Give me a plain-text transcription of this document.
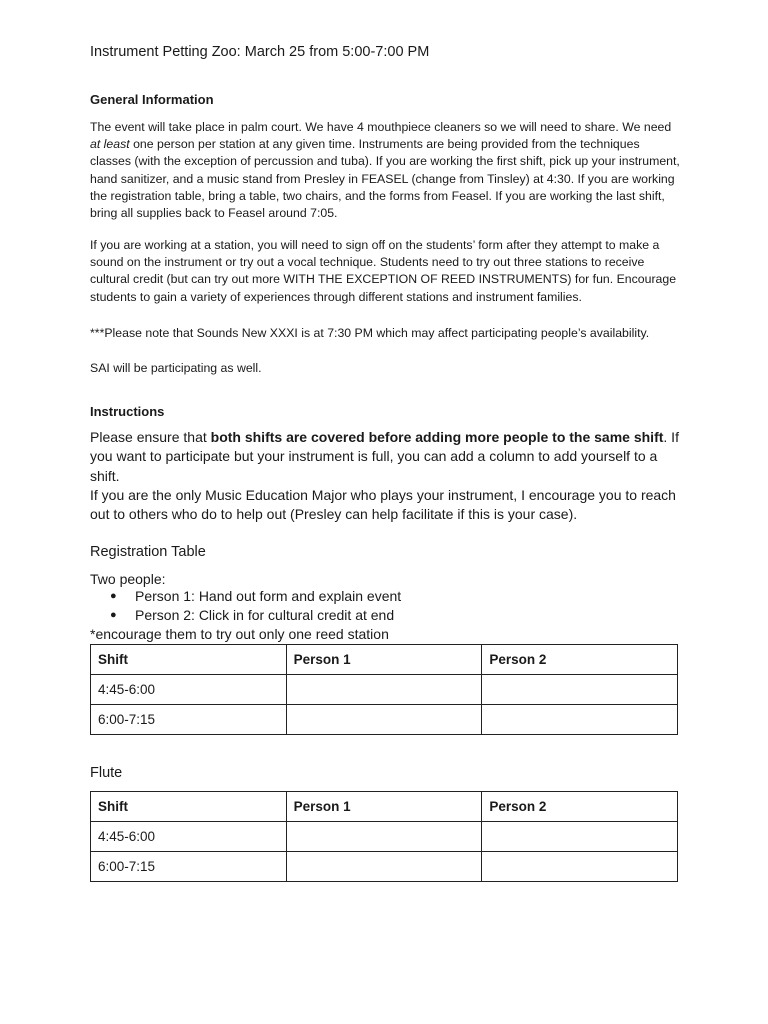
Instrument Petting Zoo: March 25 from 5:00-7:00 PM
General Information

The event will take place in palm court. We have 4 mouthpiece cleaners so we will need to share. We need at least one person per station at any given time. Instruments are being provided from the techniques classes (with the exception of percussion and tuba). If you are working the first shift, pick up your instrument, hand sanitizer, and a music stand from Presley in FEASEL (change from Tinsley) at 4:30. If you are working the registration table, bring a table, two chairs, and the forms from Feasel. If you are working the last shift, bring all supplies back to Feasel around 7:05.

If you are working at a station, you will need to sign off on the students’ form after they attempt to make a sound on the instrument or try out a vocal technique. Students need to try out three stations to receive cultural credit (but can try out more WITH THE EXCEPTION OF REED INSTRUMENTS) for fun. Encourage students to gain a variety of experiences through different stations and instrument families.

***Please note that Sounds New XXXI is at 7:30 PM which may affect participating people’s availability.

SAI will be participating as well.

Instructions

Please ensure that both shifts are covered before adding more people to the same shift. If you want to participate but your instrument is full, you can add a column to add yourself to a shift.

If you are the only Music Education Major who plays your instrument, I encourage you to reach out to others who do to help out (Presley can help facilitate if this is your case).

Registration Table

Two people:

● Person 1: Hand out form and explain event
● Person 2: Click in for cultural credit at end

*encourage them to try out only one reed station

Shift	Person 1	Person 2
4:45-6:00		
6:00-7:15		
Flute
Shift	Person 1	Person 2
4:45-6:00		
6:00-7:15		
